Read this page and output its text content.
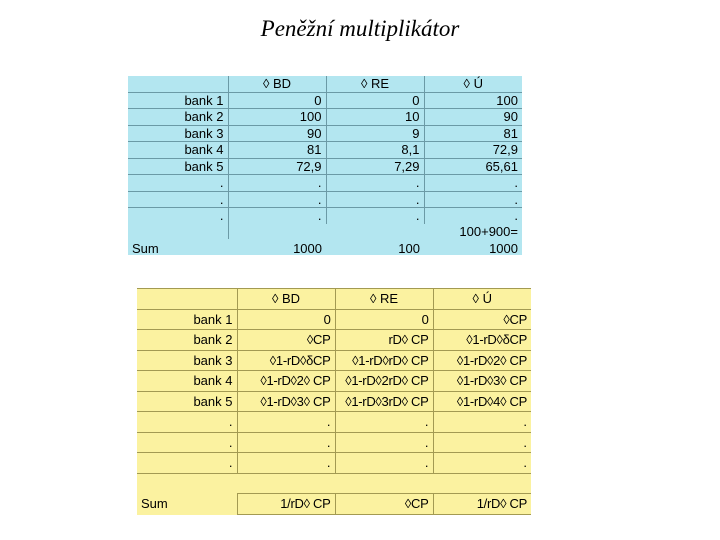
Peněžní multiplikátor
	◊ BD	◊ RE	◊ Ú
bank 1	0	0	100
bank 2	100	10	90
bank 3	90	9	81
bank 4	81	8,1	72,9
bank 5	72,9	7,29	65,61
.	.	.	.
.	.	.	.
.	.	.	.
			100+900=
Sum	1000	100	1000
	◊ BD	◊ RE	◊ Ú
bank 1	0	0	◊CP
bank 2	◊CP	rD◊ CP	◊1-rD◊δCP
bank 3	◊1-rD◊δCP	◊1-rD◊rD◊ CP	◊1-rD◊2◊ CP
bank 4	◊1-rD◊2◊ CP	◊1-rD◊2rD◊ CP	◊1-rD◊3◊ CP
bank 5	◊1-rD◊3◊ CP	◊1-rD◊3rD◊ CP	◊1-rD◊4◊ CP
.	.	.	.
.	.	.	.
.	.	.	.

Sum	1/rD◊ CP	◊CP	1/rD◊ CP
